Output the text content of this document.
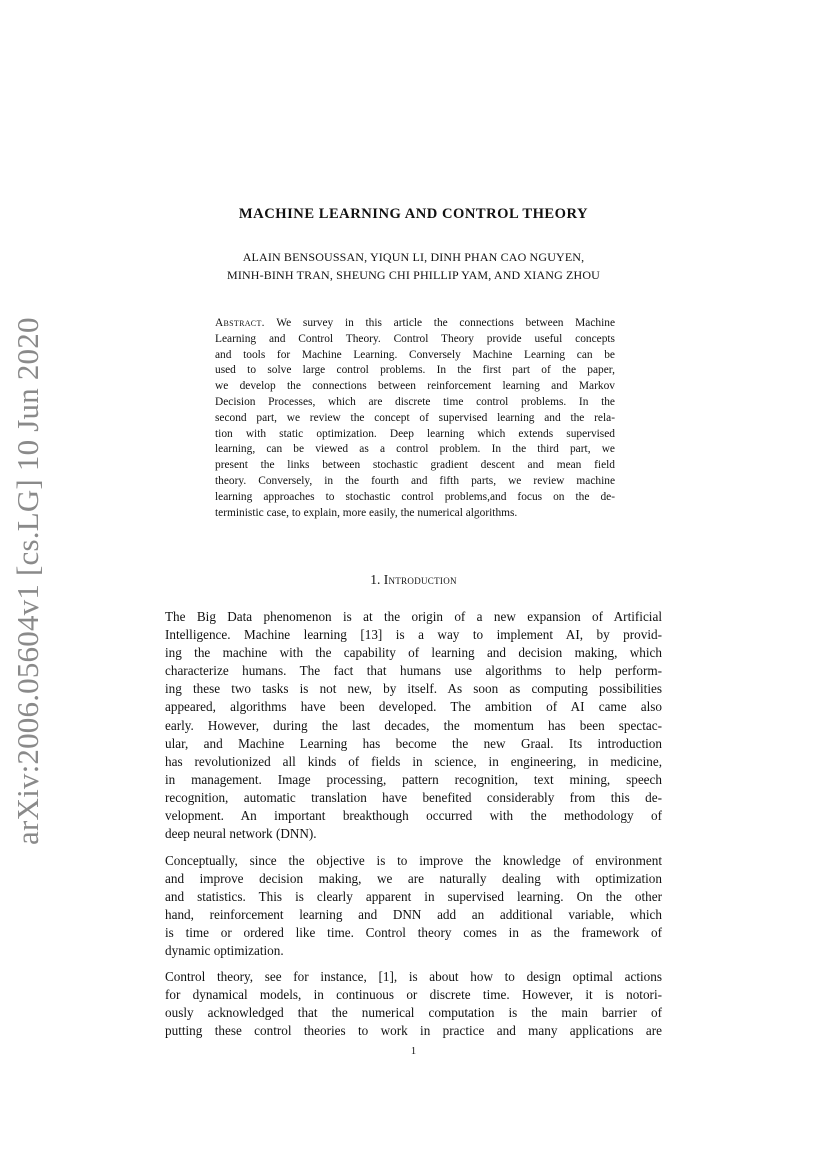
arXiv:2006.05604v1 [cs.LG] 10 Jun 2020
MACHINE LEARNING AND CONTROL THEORY
ALAIN BENSOUSSAN, YIQUN LI, DINH PHAN CAO NGUYEN,
MINH-BINH TRAN, SHEUNG CHI PHILLIP YAM, AND XIANG ZHOU
Abstract. We survey in this article the connections between Machine
Learning and Control Theory. Control Theory provide useful concepts
and tools for Machine Learning. Conversely Machine Learning can be
used to solve large control problems. In the first part of the paper,
we develop the connections between reinforcement learning and Markov
Decision Processes, which are discrete time control problems. In the
second part, we review the concept of supervised learning and the rela-
tion with static optimization. Deep learning which extends supervised
learning, can be viewed as a control problem. In the third part, we
present the links between stochastic gradient descent and mean field
theory. Conversely, in the fourth and fifth parts, we review machine
learning approaches to stochastic control problems,and focus on the de-
terministic case, to explain, more easily, the numerical algorithms.
1. Introduction
The Big Data phenomenon is at the origin of a new expansion of Artificial
Intelligence. Machine learning [13] is a way to implement AI, by provid-
ing the machine with the capability of learning and decision making, which
characterize humans. The fact that humans use algorithms to help perform-
ing these two tasks is not new, by itself. As soon as computing possibilities
appeared, algorithms have been developed. The ambition of AI came also
early. However, during the last decades, the momentum has been spectac-
ular, and Machine Learning has become the new Graal. Its introduction
has revolutionized all kinds of fields in science, in engineering, in medicine,
in management. Image processing, pattern recognition, text mining, speech
recognition, automatic translation have benefited considerably from this de-
velopment. An important breakthough occurred with the methodology of
deep neural network (DNN).
Conceptually, since the objective is to improve the knowledge of environment
and improve decision making, we are naturally dealing with optimization
and statistics. This is clearly apparent in supervised learning. On the other
hand, reinforcement learning and DNN add an additional variable, which
is time or ordered like time. Control theory comes in as the framework of
dynamic optimization.
Control theory, see for instance, [1], is about how to design optimal actions
for dynamical models, in continuous or discrete time. However, it is notori-
ously acknowledged that the numerical computation is the main barrier of
putting these control theories to work in practice and many applications are
1
